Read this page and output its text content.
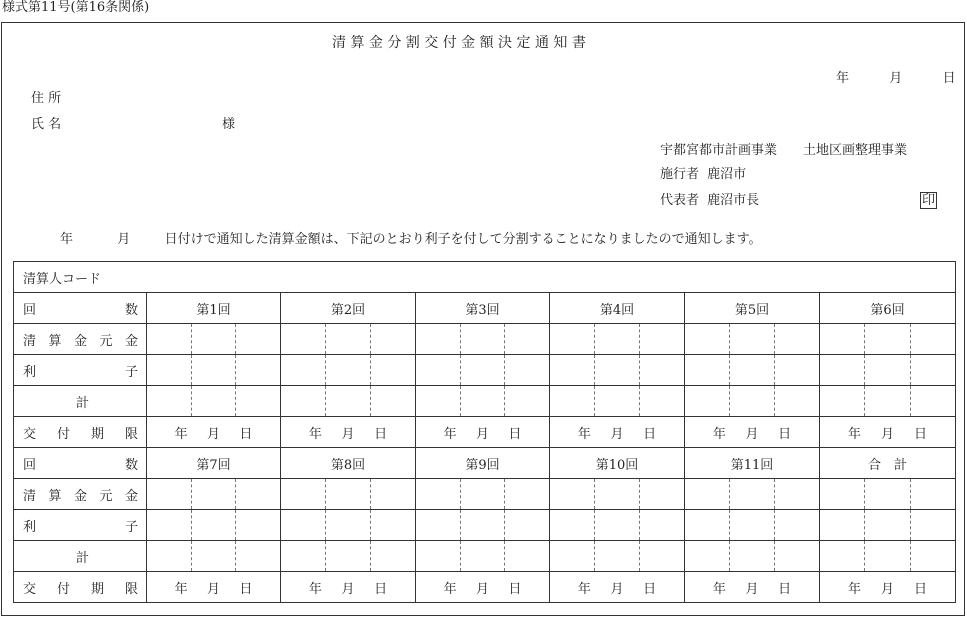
様式第11号(第16条関係)
清 算 金 分 割 交 付 金 額 決 定 通 知 書
年	月	日
住 所
氏 名	様
宇都宮都市計画事業　　土地区画整理事業
施行者 鹿沼市
代表者 鹿沼市長	印
年	月	日付けで通知した清算金額は、下記のとおり利子を付して分割することになりましたので通知します。
清算人コード						

回 数	第1回	第2回	第3回	第4回	第5回	第6回

清 算 金 元 金						

利 子						

計	

交 付 期 限	年 月 日	年 月 日	年 月 日	年 月 日	年 月 日	年 月 日

回 数	第7回	第8回	第9回	第10回	第11回	合　計

清 算 金 元 金						

利 子						

計	

交 付 期 限	年 月 日	年 月 日	年 月 日	年 月 日	年 月 日	年 月 日
